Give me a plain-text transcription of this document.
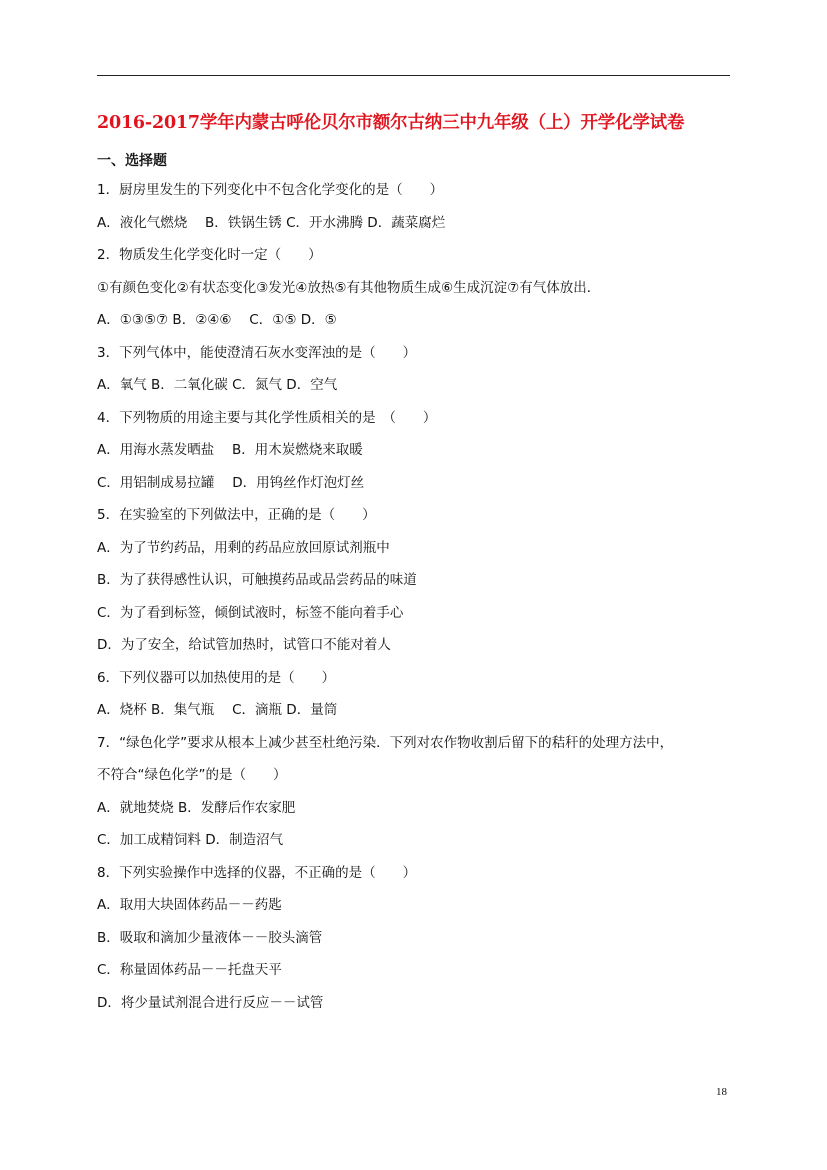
2016-2017学年内蒙古呼伦贝尔市额尔古纳三中九年级（上）开学化学试卷
一、选择题
1．厨房里发生的下列变化中不包含化学变化的是（　　）
A．液化气燃烧　 B．铁锅生锈 C．开水沸腾 D．蔬菜腐烂
2．物质发生化学变化时一定（　　）
①有颜色变化②有状态变化③发光④放热⑤有其他物质生成⑥生成沉淀⑦有气体放出．
A．①③⑤⑦ B．②④⑥　 C．①⑤ D．⑤
3．下列气体中，能使澄清石灰水变浑浊的是（　　）
A．氧气 B．二氧化碳 C．氮气 D．空气
4．下列物质的用途主要与其化学性质相关的是　（　　）
A．用海水蒸发晒盐　 B．用木炭燃烧来取暖
C．用铝制成易拉罐　 D．用钨丝作灯泡灯丝
5．在实验室的下列做法中，正确的是（　　）
A．为了节约药品，用剩的药品应放回原试剂瓶中
B．为了获得感性认识，可触摸药品或品尝药品的味道
C．为了看到标签，倾倒试液时，标签不能向着手心
D．为了安全，给试管加热时，试管口不能对着人
6．下列仪器可以加热使用的是（　　）
A．烧杯 B．集气瓶　 C．滴瓶 D．量筒
7．“绿色化学”要求从根本上减少甚至杜绝污染．下列对农作物收割后留下的秸秆的处理方法中，
不符合“绿色化学”的是（　　）
A．就地焚烧 B．发酵后作农家肥
C．加工成精饲料 D．制造沼气
8．下列实验操作中选择的仪器，不正确的是（　　）
A．取用大块固体药品－－药匙
B．吸取和滴加少量液体－－胶头滴管
C．称量固体药品－－托盘天平
D．将少量试剂混合进行反应－－试管
18
